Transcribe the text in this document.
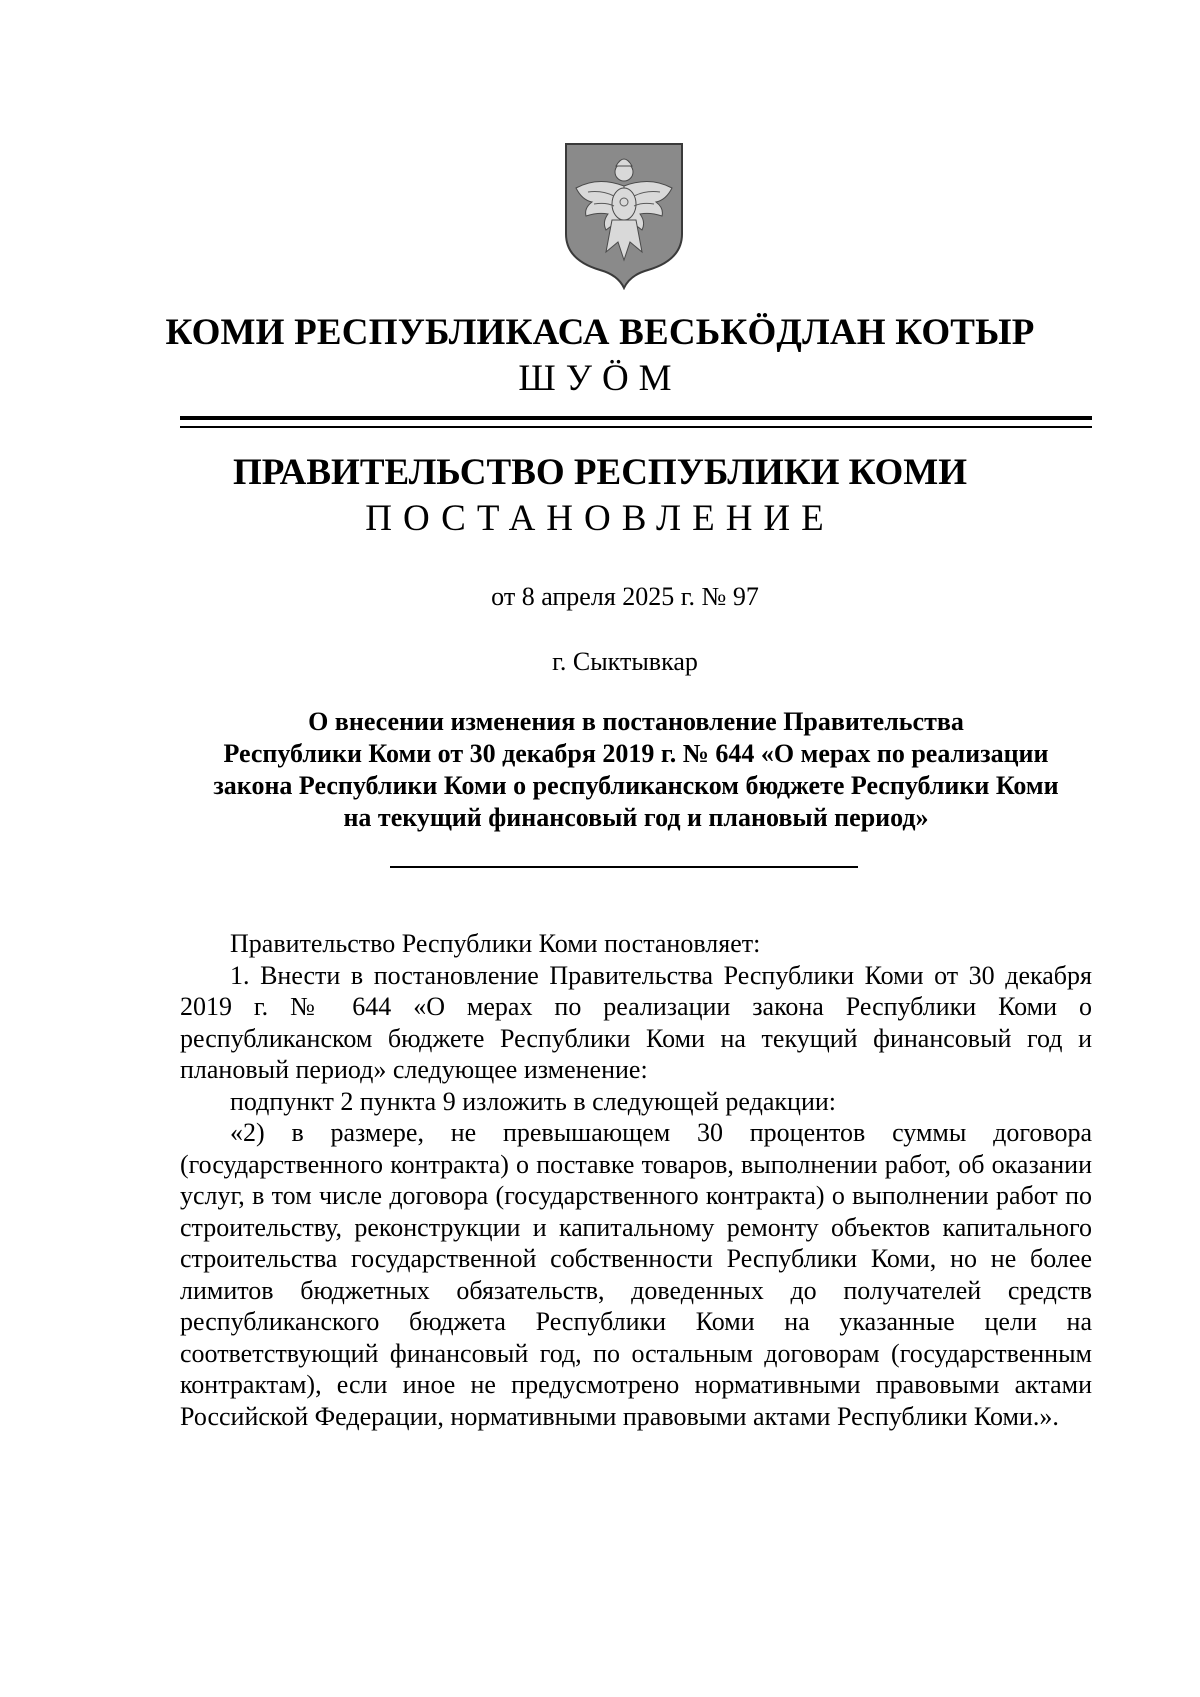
КОМИ РЕСПУБЛИКАСА ВЕСЬКӦДЛАН КОТЫР
ШУӦМ
ПРАВИТЕЛЬСТВО РЕСПУБЛИКИ КОМИ
ПОСТАНОВЛЕНИЕ
от 8 апреля 2025 г. № 97
г. Сыктывкар
О внесении изменения в постановление Правительства
Республики Коми от 30 декабря 2019 г. № 644 «О мерах по реализации
закона Республики Коми о республиканском бюджете Республики Коми
на текущий финансовый год и плановый период»

Правительство Республики Коми постановляет:

1. Внести в постановление Правительства Республики Коми от 30 декабря 2019 г. № 644 «О мерах по реализации закона Республики Коми о республиканском бюджете Республики Коми на текущий финансовый год и плановый период» следующее изменение:

подпункт 2 пункта 9 изложить в следующей редакции:

«2) в размере, не превышающем 30 процентов суммы договора (государственного контракта) о поставке товаров, выполнении работ, об оказании услуг, в том числе договора (государственного контракта) о выполнении работ по строительству, реконструкции и капитальному ремонту объектов капитального строительства государственной собственности Республики Коми, но не более лимитов бюджетных обязательств, доведенных до получателей средств республиканского бюджета Республики Коми на указанные цели на соответствующий финансовый год, по остальным договорам (государственным контрактам), если иное не предусмотрено нормативными правовыми актами Российской Федерации, нормативными правовыми актами Республики Коми.».
